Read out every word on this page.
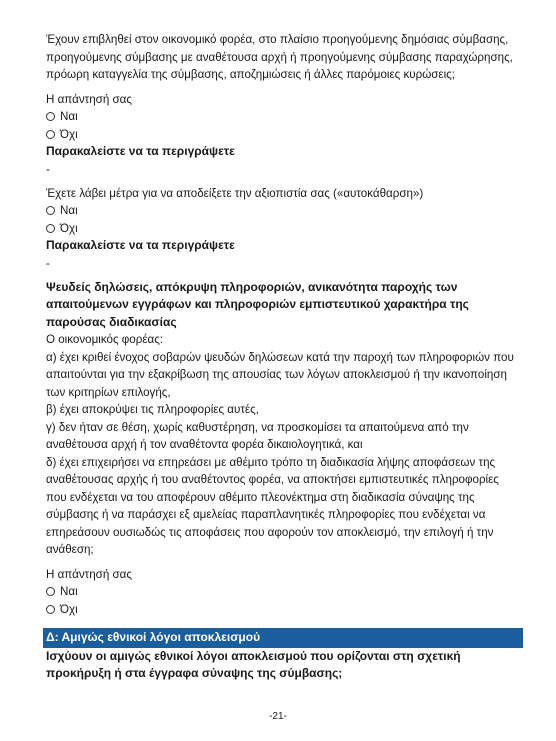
Έχουν επιβληθεί στον οικονομικό φορέα, στο πλαίσιο προηγούμενης δημόσιας σύμβασης, προηγούμενης σύμβασης με αναθέτουσα αρχή ή προηγούμενης σύμβασης παραχώρησης, πρόωρη καταγγελία της σύμβασης, αποζημιώσεις ή άλλες παρόμοιες κυρώσεις;

Η απάντησή σας

Ναι
Όχι

Παρακαλείστε να τα περιγράψετε

-

Έχετε λάβει μέτρα για να αποδείξετε την αξιοπιστία σας («αυτοκάθαρση»)

Ναι
Όχι

Παρακαλείστε να τα περιγράψετε

-

Ψευδείς δηλώσεις, απόκρυψη πληροφοριών, ανικανότητα παροχής των απαιτούμενων εγγράφων και πληροφοριών εμπιστευτικού χαρακτήρα της παρούσας διαδικασίας

Ο οικονομικός φορέας:

α) έχει κριθεί ένοχος σοβαρών ψευδών δηλώσεων κατά την παροχή των πληροφοριών που απαιτούνται για την εξακρίβωση της απουσίας των λόγων αποκλεισμού ή την ικανοποίηση των κριτηρίων επιλογής,

β) έχει αποκρύψει τις πληροφορίες αυτές,

γ) δεν ήταν σε θέση, χωρίς καθυστέρηση, να προσκομίσει τα απαιτούμενα από την αναθέτουσα αρχή ή τον αναθέτοντα φορέα δικαιολογητικά, και

δ) έχει επιχειρήσει να επηρεάσει με αθέμιτο τρόπο τη διαδικασία λήψης αποφάσεων της αναθέτουσας αρχής ή του αναθέτοντος φορέα, να αποκτήσει εμπιστευτικές πληροφορίες που ενδέχεται να του αποφέρουν αθέμιτο πλεονέκτημα στη διαδικασία σύναψης της σύμβασης ή να παράσχει εξ αμελείας παραπλανητικές πληροφορίες που ενδέχεται να επηρεάσουν ουσιωδώς τις αποφάσεις που αφορούν τον αποκλεισμό, την επιλογή ή την ανάθεση;

Η απάντησή σας

Ναι
Όχι
Δ: Αμιγώς εθνικοί λόγοι αποκλεισμού

Ισχύουν οι αμιγώς εθνικοί λόγοι αποκλεισμού που ορίζονται στη σχετική προκήρυξη ή στα έγγραφα σύναψης της σύμβασης;

-21-
